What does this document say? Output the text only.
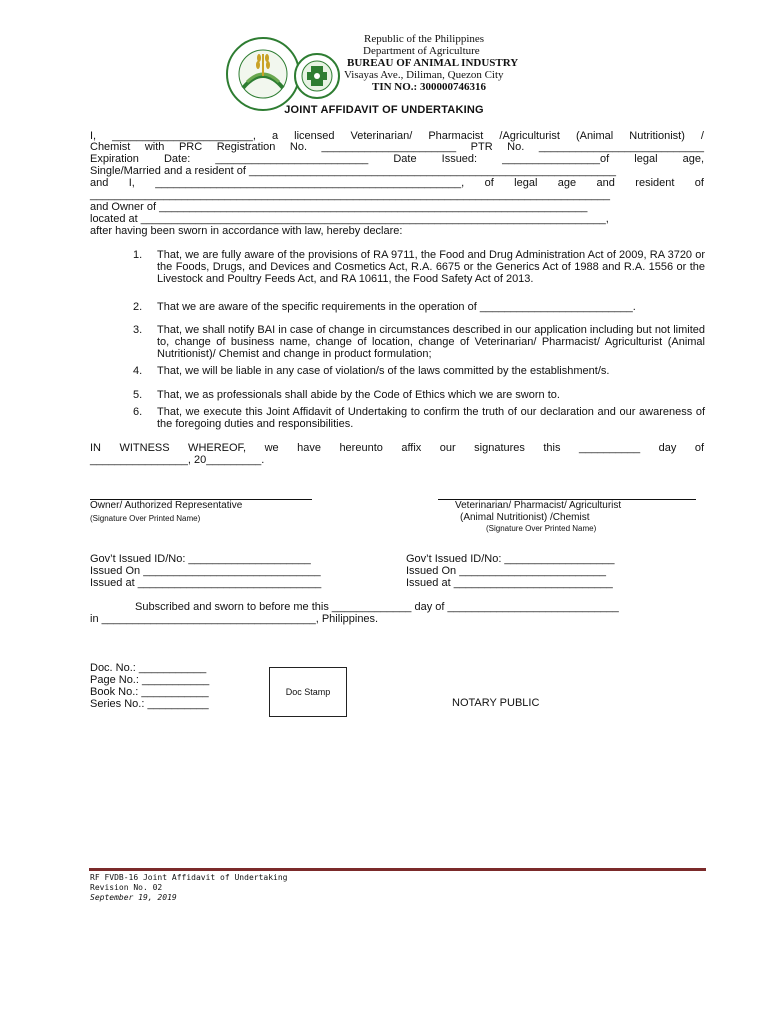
Republic of the Philippines
Department of Agriculture
BUREAU OF ANIMAL INDUSTRY
Visayas Ave., Diliman, Quezon City
TIN NO.: 300000746316
JOINT AFFIDAVIT OF UNDERTAKING
I, _______________________, a licensed Veterinarian/ Pharmacist /Agriculturist (Animal Nutritionist) /
Chemist with PRC Registration No. ______________________ PTR No. ___________________________
Expiration Date: _________________________ Date Issued: ________________of legal age,
Single/Married and a resident of ____________________________________________________________
and I, __________________________________________________, of legal age and resident of
_____________________________________________________________________________________
and Owner of ______________________________________________________________________
located at ____________________________________________________________________________,
after having been sworn in accordance with law, hereby declare:
1.	That, we are fully aware of the provisions of RA 9711, the Food and Drug Administration Act of 2009, RA 3720 or the Foods, Drugs, and Devices and Cosmetics Act, R.A. 6675 or the Generics Act of 1988 and R.A. 1556 or the Livestock and Poultry Feeds Act, and RA 10611, the Food Safety Act of 2013.
2.	That we are aware of the specific requirements in the operation of _________________________.
3.	That, we shall notify BAI in case of change in circumstances described in our application including but not limited to, change of business name, change of location, change of Veterinarian/ Pharmacist/ Agriculturist (Animal Nutritionist)/ Chemist and change in product formulation;
4.	That, we will be liable in any case of violation/s of the laws committed by the establishment/s.
5.	That, we as professionals shall abide by the Code of Ethics which we are sworn to.
6.	That, we execute this Joint Affidavit of Undertaking to confirm the truth of our declaration and our awareness of the foregoing duties and responsibilities.
IN WITNESS WHEREOF, we have hereunto affix our signatures this __________ day of
________________, 20_________.
Owner/ Authorized Representative
(Signature Over Printed Name)
Veterinarian/ Pharmacist/ Agriculturist
(Animal Nutritionist) /Chemist
(Signature Over Printed Name)
Gov’t Issued ID/No: ____________________
Issued On _____________________________
Issued at ______________________________
Gov’t Issued ID/No: __________________
Issued On ________________________
Issued at __________________________
Subscribed and sworn to before me this _____________ day of ____________________________
in ___________________________________, Philippines.
Doc. No.: ___________
Page No.: ___________
Book No.: ___________
Series No.: __________
Doc Stamp
NOTARY PUBLIC
RF FVDB-16 Joint Affidavit of Undertaking
Revision No. 02
September 19, 2019
